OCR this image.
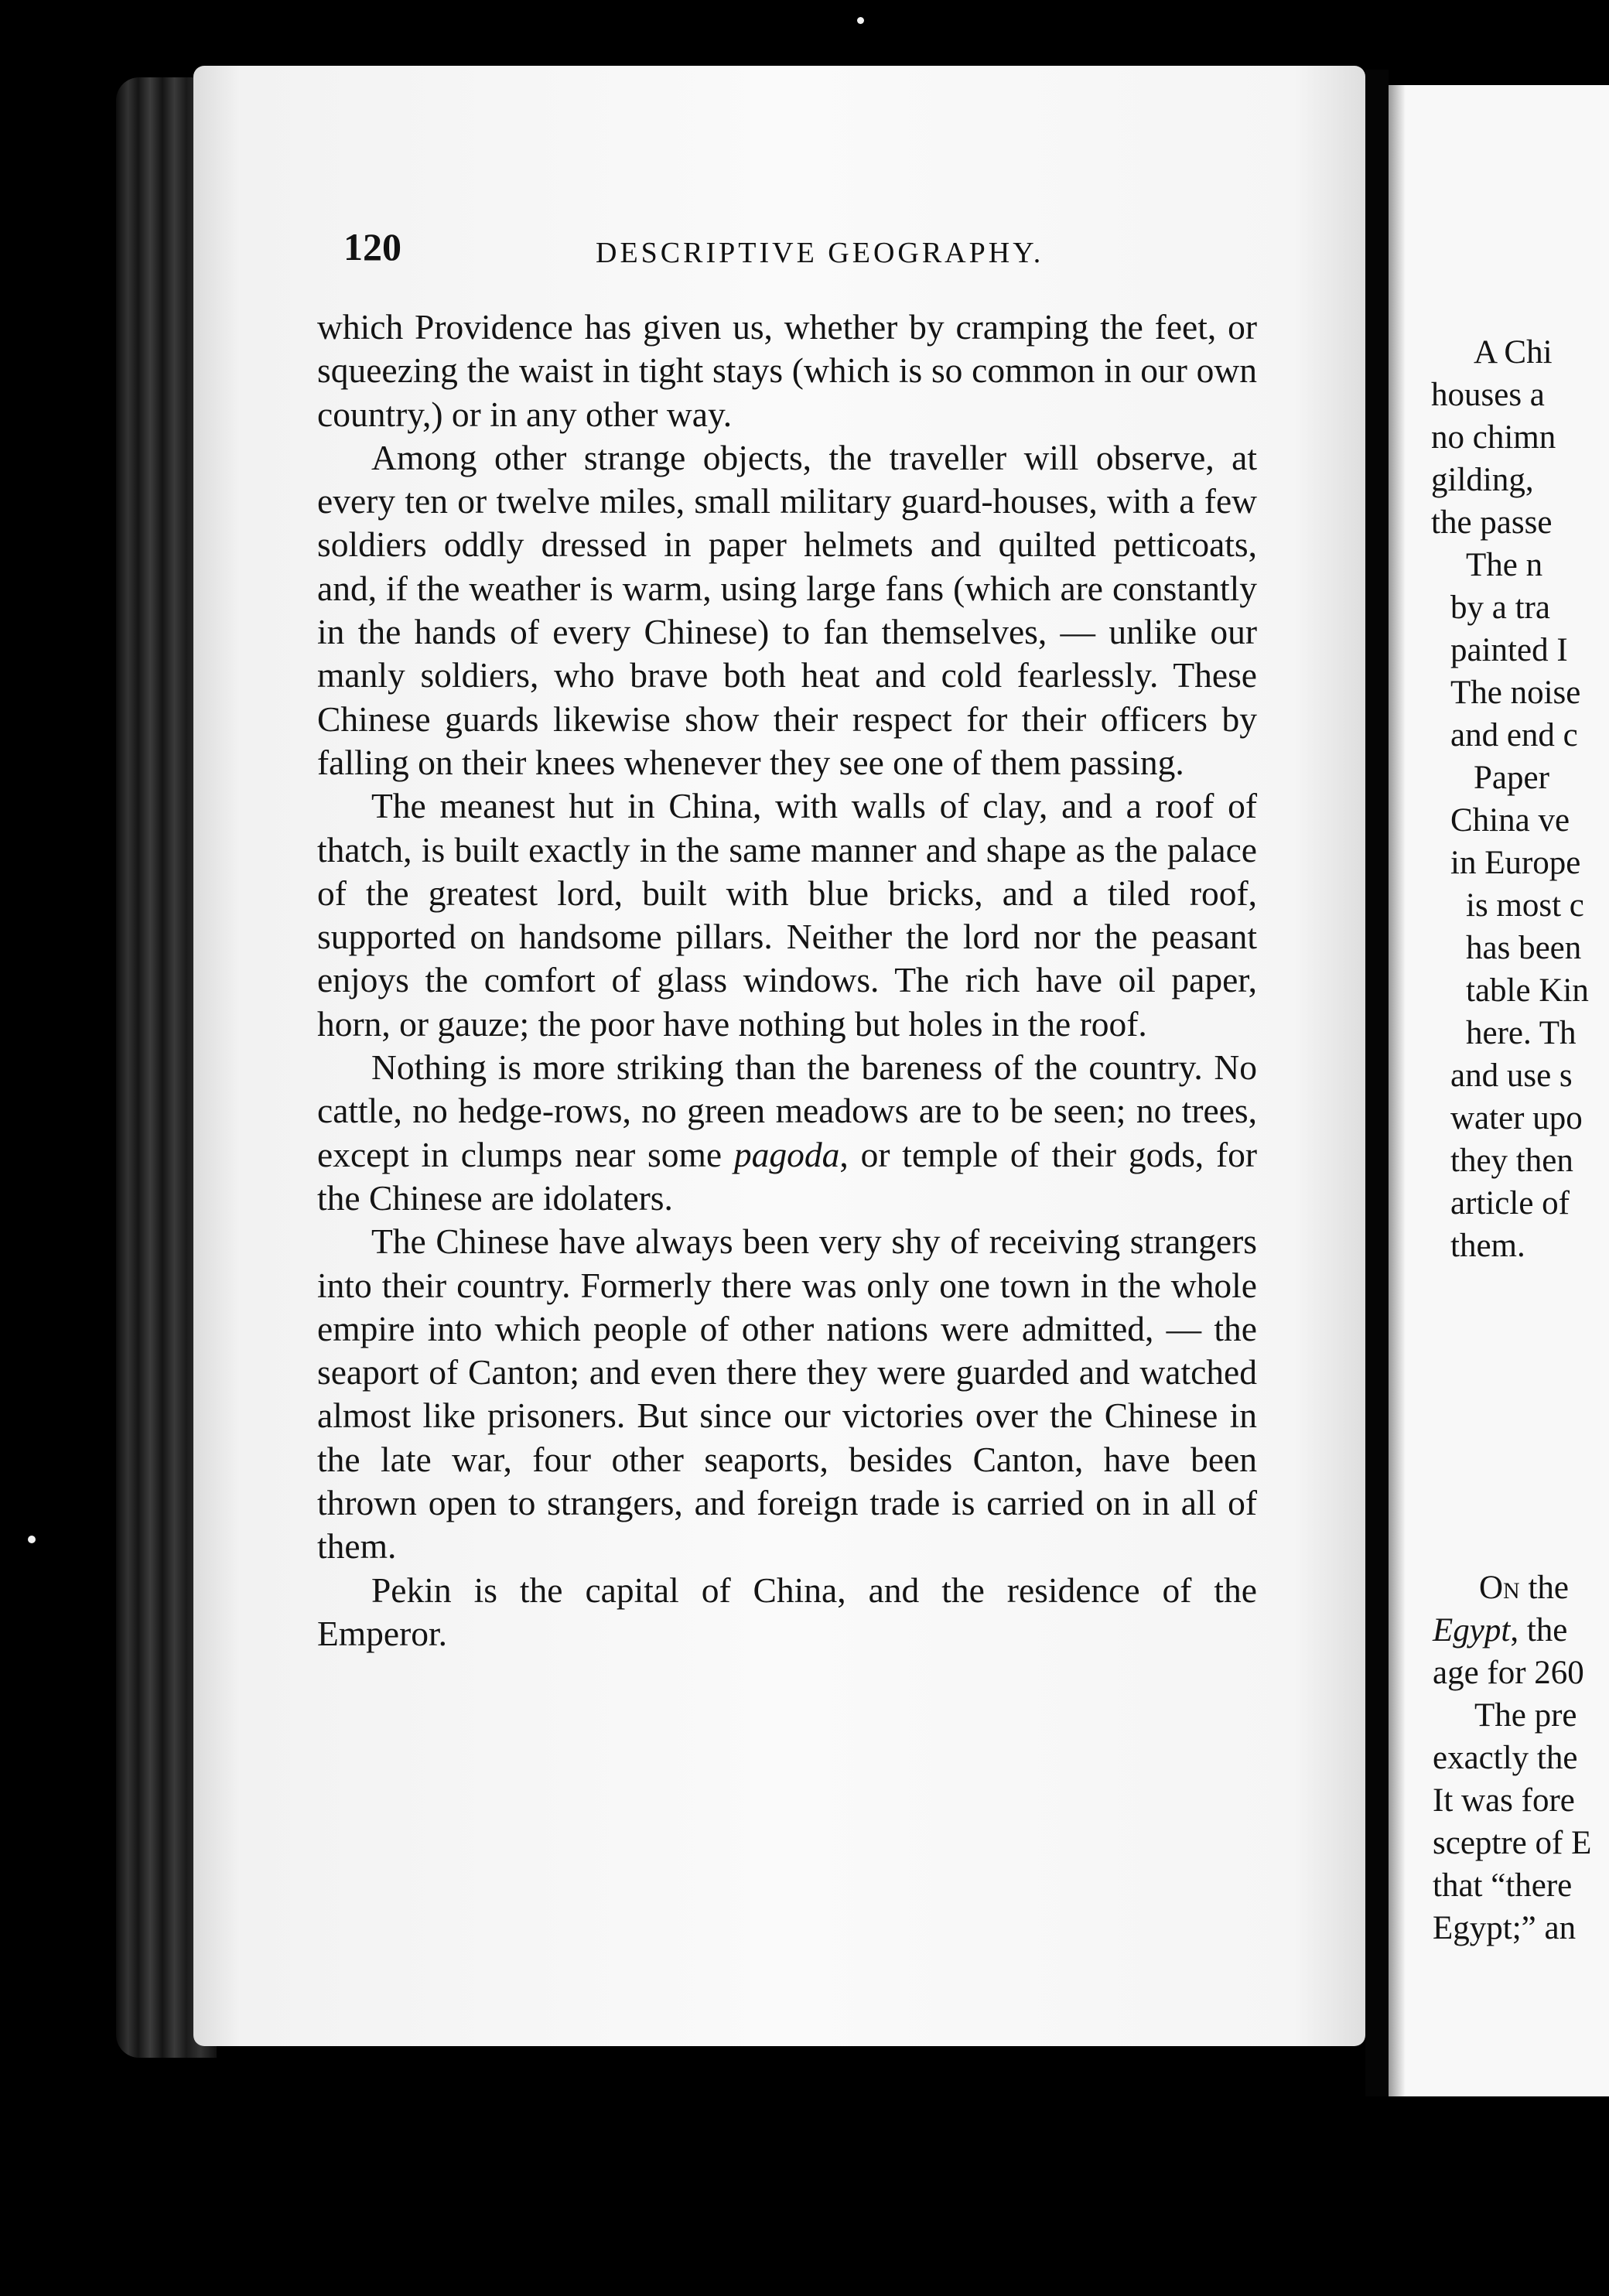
120	DESCRIPTIVE GEOGRAPHY.

which Providence has given us, whether by cramping the feet, or squeezing the waist in tight stays (which is so common in our own country,) or in any other way.

Among other strange objects, the traveller will observe, at every ten or twelve miles, small military guard-houses, with a few soldiers oddly dressed in paper helmets and quilted petticoats, and, if the weather is warm, using large fans (which are constantly in the hands of every Chinese) to fan themselves, — unlike our manly soldiers, who brave both heat and cold fearlessly. These Chinese guards likewise show their respect for their officers by falling on their knees whenever they see one of them passing.

The meanest hut in China, with walls of clay, and a roof of thatch, is built exactly in the same manner and shape as the palace of the greatest lord, built with blue bricks, and a tiled roof, supported on handsome pillars. Neither the lord nor the peasant enjoys the comfort of glass windows. The rich have oil paper, horn, or gauze; the poor have nothing but holes in the roof.

Nothing is more striking than the bareness of the country. No cattle, no hedge-rows, no green meadows are to be seen; no trees, except in clumps near some pagoda, or temple of their gods, for the Chinese are idolaters.

The Chinese have always been very shy of receiving strangers into their country. Formerly there was only one town in the whole empire into which people of other nations were admitted, — the seaport of Canton; and even there they were guarded and watched almost like prisoners. But since our victories over the Chinese in the late war, four other seaports, besides Canton, have been thrown open to strangers, and foreign trade is carried on in all of them.

Pekin is the capital of China, and the residence of the Emperor.

A Chi

houses a

no chimn

gilding,

the passe

The n

by a tra

painted I

The noise

and end c

Paper

China ve

in Europe

is most c

has been

table Kin

here. Th

and use s

water upo

they then

article of

them.

On the

Egypt, the

age for 260

The pre

exactly the

It was fore

sceptre of E

that “there

Egypt;” an
